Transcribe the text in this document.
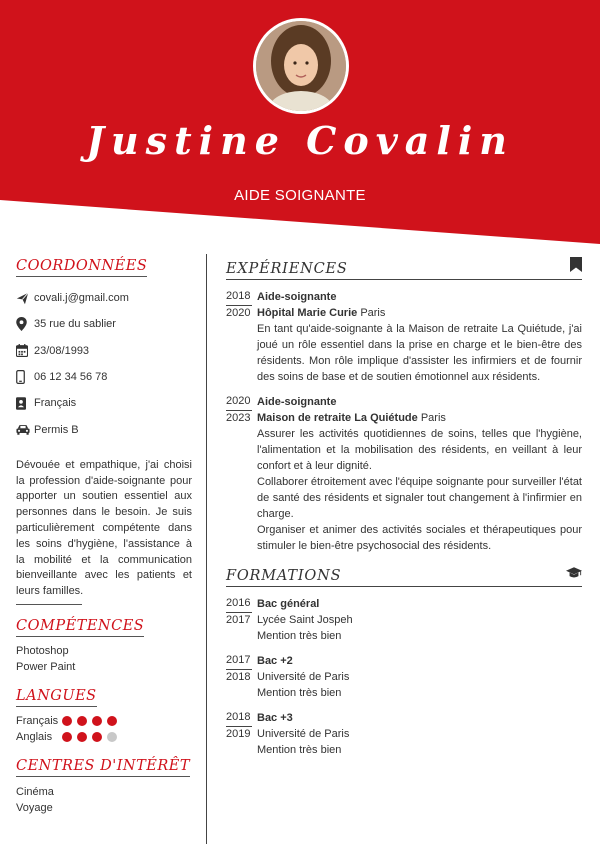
Justine Covalin
AIDE SOIGNANTE
COORDONNÉES
covali.j@gmail.com
35 rue du sablier
23/08/1993
06 12 34 56 78
Français
Permis B
Dévouée et empathique, j'ai choisi la profession d'aide-soignante pour apporter un soutien essentiel aux personnes dans le besoin. Je suis particulièrement compétente dans les soins d'hygiène, l'assistance à la mobilité et la communication bienveillante avec les patients et leurs familles.
COMPÉTENCES
Photoshop
Power Paint
LANGUES
Français
Anglais
CENTRES D'INTÉRÊT
Cinéma
Voyage
EXPÉRIENCES
2018
2020
Aide-soignante
Hôpital Marie Curie Paris
En tant qu'aide-soignante à la Maison de retraite La Quiétude, j'ai joué un rôle essentiel dans la prise en charge et le bien-être des résidents. Mon rôle implique d'assister les infirmiers et de fournir des soins de base et de soutien émotionnel aux résidents.
2020
2023
Aide-soignante
Maison de retraite La Quiétude Paris
Assurer les activités quotidiennes de soins, telles que l'hygiène, l'alimentation et la mobilisation des résidents, en veillant à leur confort et à leur dignité.
Collaborer étroitement avec l'équipe soignante pour surveiller l'état de santé des résidents et signaler tout changement à l'infirmier en charge.
Organiser et animer des activités sociales et thérapeutiques pour stimuler le bien-être psychosocial des résidents.
FORMATIONS
2016
2017
Bac général
Lycée Saint Jospeh
Mention très bien
2017
2018
Bac +2
Université de Paris
Mention très bien
2018
2019
Bac +3
Université de Paris
Mention très bien
